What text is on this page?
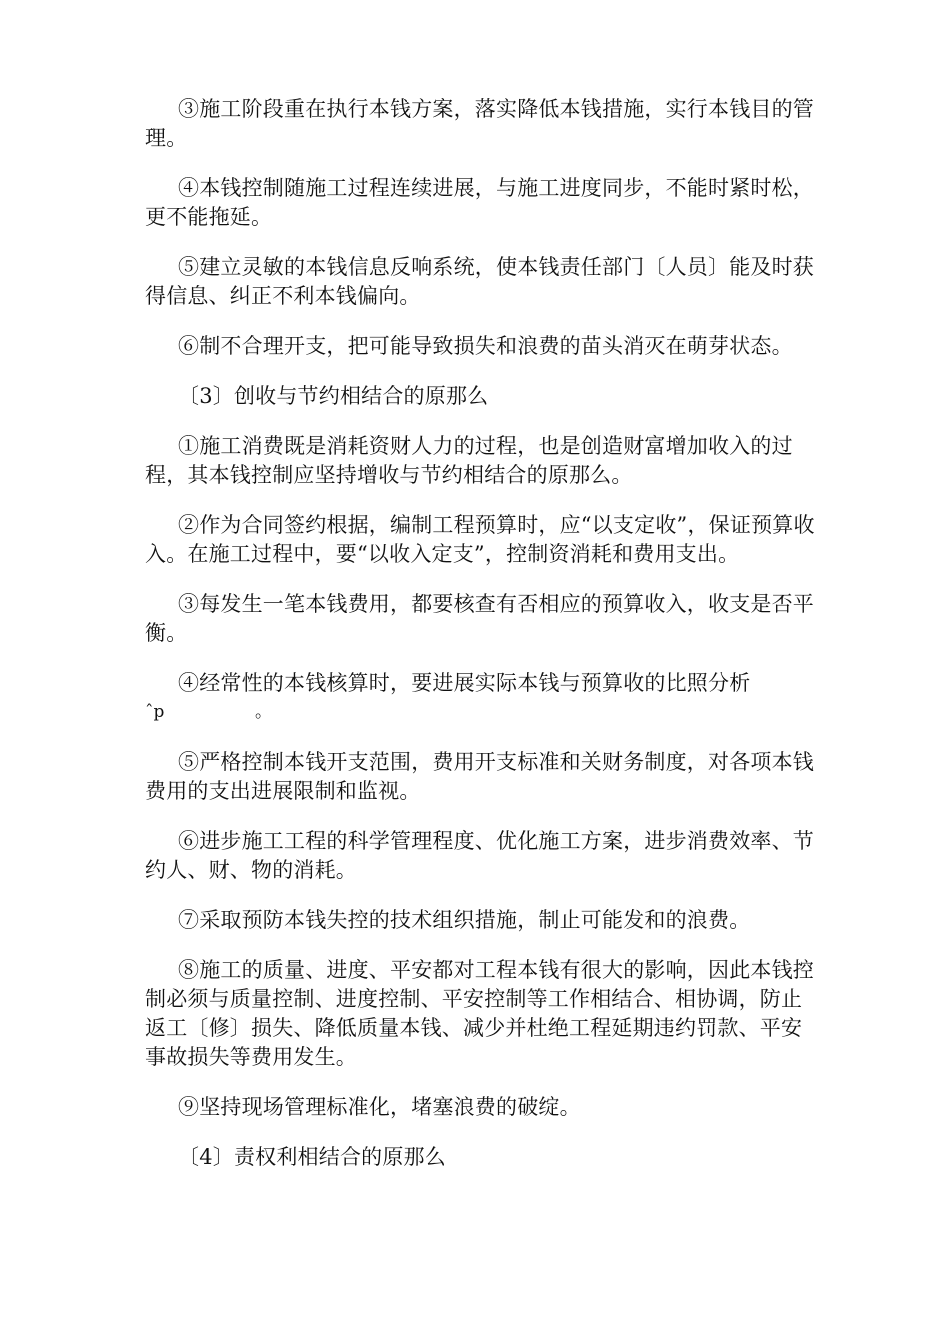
③施工阶段重在执行本钱方案，落实降低本钱措施，实行本钱目的管理。

④本钱控制随施工过程连续进展，与施工进度同步，不能时紧时松，更不能拖延。

⑤建立灵敏的本钱信息反响系统，使本钱责任部门〔人员〕能及时获得信息、纠正不利本钱偏向。

⑥制不合理开支，把可能导致损失和浪费的苗头消灭在萌芽状态。

〔3〕创收与节约相结合的原那么

①施工消费既是消耗资财人力的过程，也是创造财富增加收入的过程，其本钱控制应坚持增收与节约相结合的原那么。

②作为合同签约根据，编制工程预算时，应“以支定收”，保证预算收入。在施工过程中，要“以收入定支”，控制资消耗和费用支出。

③每发生一笔本钱费用，都要核查有否相应的预算收入，收支是否平衡。

④经常性的本钱核算时，要进展实际本钱与预算收的比照分析

ˆp	。

⑤严格控制本钱开支范围，费用开支标准和关财务制度，对各项本钱费用的支出进展限制和监视。

⑥进步施工工程的科学管理程度、优化施工方案，进步消费效率、节约人、财、物的消耗。

⑦采取预防本钱失控的技术组织措施，制止可能发和的浪费。

⑧施工的质量、进度、平安都对工程本钱有很大的影响，因此本钱控制必须与质量控制、进度控制、平安控制等工作相结合、相协调，防止返工〔修〕损失、降低质量本钱、减少并杜绝工程延期违约罚款、平安事故损失等费用发生。

⑨坚持现场管理标准化，堵塞浪费的破绽。

〔4〕责权利相结合的原那么
